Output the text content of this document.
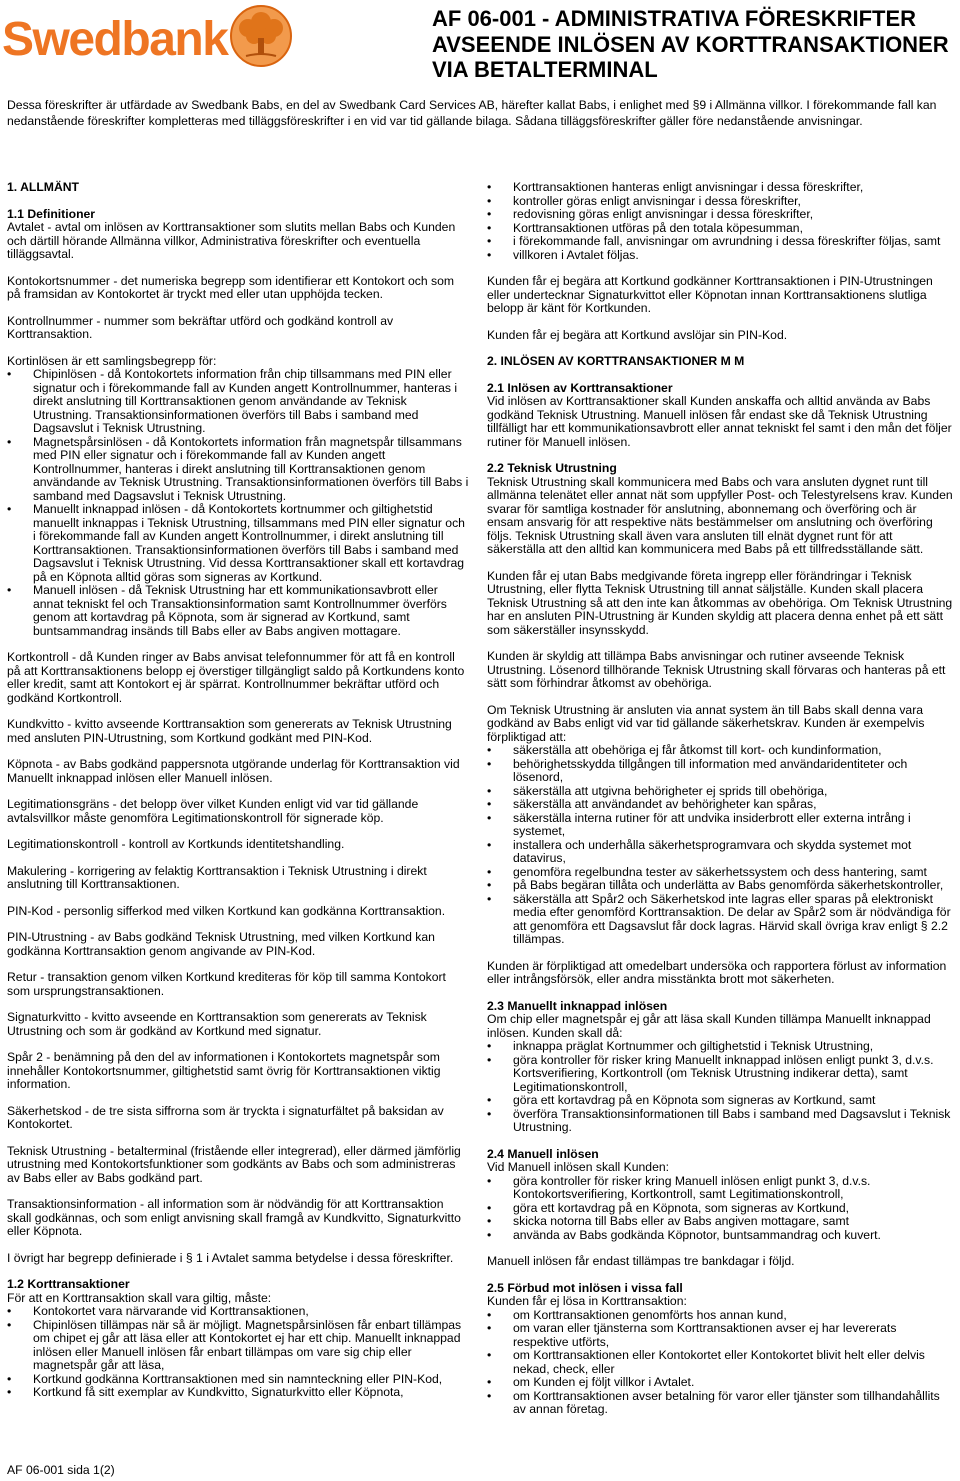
Swedbank	AF 06-001 - ADMINISTRATIVA FÖRESKRIFTER
AVSEENDE INLÖSEN AV KORTTRANSAKTIONER
VIA BETALTERMINAL

Dessa föreskrifter är utfärdade av Swedbank Babs, en del av Swedbank Card Services AB, härefter kallat Babs, i enlighet med §9 i Allmänna villkor. I förekommande fall kan nedanstående föreskrifter kompletteras med tilläggsföreskrifter i en vid var tid gällande bilaga. Sådana tilläggsföreskrifter gäller före nedanstående anvisningar.

1. ALLMÄNT
1.1 Definitioner

Avtalet - avtal om inlösen av Korttransaktioner som slutits mellan Babs och Kunden och därtill hörande Allmänna villkor, Administrativa föreskrifter och eventuella tilläggsavtal.

Kontokortsnummer - det numeriska begrepp som identifierar ett Kontokort och som på framsidan av Kontokortet är tryckt med eller utan upphöjda tecken.

Kontrollnummer - nummer som bekräftar utförd och godkänd kontroll av Korttransaktion.

Kortinlösen är ett samlingsbegrepp för:

• Chipinlösen - då Kontokortets information från chip tillsammans med PIN eller signatur och i förekommande fall av Kunden angett Kontrollnummer, hanteras i direkt anslutning till Korttransaktionen genom användande av Teknisk Utrustning. Transaktionsinformationen överförs till Babs i samband med Dagsavslut i Teknisk Utrustning.
• Magnetspårsinlösen - då Kontokortets information från magnetspår tillsammans med PIN eller signatur och i förekommande fall av Kunden angett Kontrollnummer, hanteras i direkt anslutning till Korttransaktionen genom användande av Teknisk Utrustning. Transaktionsinformationen överförs till Babs i samband med Dagsavslut i Teknisk Utrustning.
• Manuellt inknappad inlösen - då Kontokortets kortnummer och giltighetstid manuellt inknappas i Teknisk Utrustning, tillsammans med PIN eller signatur och i förekommande fall av Kunden angett Kontrollnummer, i direkt anslutning till Korttransaktionen. Transaktionsinformationen överförs till Babs i samband med Dagsavslut i Teknisk Utrustning. Vid dessa Korttransaktioner skall ett kortavdrag på en Köpnota alltid göras som signeras av Kortkund.
• Manuell inlösen - då Teknisk Utrustning har ett kommunikationsavbrott eller annat tekniskt fel och Transaktionsinformation samt Kontrollnummer överförs genom att kortavdrag på Köpnota, som är signerad av Kortkund, samt buntsammandrag insänds till Babs eller av Babs angiven mottagare.

Kortkontroll - då Kunden ringer av Babs anvisat telefonnummer för att få en kontroll på att Korttransaktionens belopp ej överstiger tillgängligt saldo på Kortkundens konto eller kredit, samt att Kontokort ej är spärrat. Kontrollnummer bekräftar utförd och godkänd Kortkontroll.

Kundkvitto - kvitto avseende Korttransaktion som genererats av Teknisk Utrustning med ansluten PIN-Utrustning, som Kortkund godkänt med PIN-Kod.

Köpnota - av Babs godkänd pappersnota utgörande underlag för Korttransaktion vid Manuellt inknappad inlösen eller Manuell inlösen.

Legitimationsgräns - det belopp över vilket Kunden enligt vid var tid gällande avtalsvillkor måste genomföra Legitimationskontroll för signerade köp.

Legitimationskontroll - kontroll av Kortkunds identitetshandling.

Makulering - korrigering av felaktig Korttransaktion i Teknisk Utrustning i direkt anslutning till Korttransaktionen.

PIN-Kod - personlig sifferkod med vilken Kortkund kan godkänna Korttransaktion.

PIN-Utrustning - av Babs godkänd Teknisk Utrustning, med vilken Kortkund kan godkänna Korttransaktion genom angivande av PIN-Kod.

Retur - transaktion genom vilken Kortkund krediteras för köp till samma Kontokort som ursprungstransaktionen.

Signaturkvitto - kvitto avseende en Korttransaktion som genererats av Teknisk Utrustning och som är godkänd av Kortkund med signatur.

Spår 2 - benämning på den del av informationen i Kontokortets magnetspår som innehåller Kontokortsnummer, giltighetstid samt övrig för Korttransaktionen viktig information.

Säkerhetskod - de tre sista siffrorna som är tryckta i signaturfältet på baksidan av Kontokortet.

Teknisk Utrustning - betalterminal (fristående eller integrerad), eller därmed jämförlig utrustning med Kontokortsfunktioner som godkänts av Babs och som administreras av Babs eller av Babs godkänd part.

Transaktionsinformation - all information som är nödvändig för att Korttransaktion skall godkännas, och som enligt anvisning skall framgå av Kundkvitto, Signaturkvitto eller Köpnota.

I övrigt har begrepp definierade i § 1 i Avtalet samma betydelse i dessa föreskrifter.

1.2 Korttransaktioner

För att en Korttransaktion skall vara giltig, måste:

• Kontokortet vara närvarande vid Korttransaktionen,
• Chipinlösen tillämpas när så är möjligt. Magnetspårsinlösen får enbart tillämpas om chipet ej går att läsa eller att Kontokortet ej har ett chip. Manuellt inknappad inlösen eller Manuell inlösen får enbart tillämpas om vare sig chip eller magnetspår går att läsa,
• Kortkund godkänna Korttransaktionen med sin namnteckning eller PIN-Kod,
• Kortkund få sitt exemplar av Kundkvitto, Signaturkvitto eller Köpnota,
• Korttransaktionen hanteras enligt anvisningar i dessa föreskrifter,
• kontroller göras enligt anvisningar i dessa föreskrifter,
• redovisning göras enligt anvisningar i dessa föreskrifter,
• Korttransaktionen utföras på den totala köpesumman,
• i förekommande fall, anvisningar om avrundning i dessa föreskrifter följas, samt
• villkoren i Avtalet följas.

Kunden får ej begära att Kortkund godkänner Korttransaktionen i PIN-Utrustningen eller undertecknar Signaturkvittot eller Köpnotan innan Korttransaktionens slutliga belopp är känt för Kortkunden.

Kunden får ej begära att Kortkund avslöjar sin PIN-Kod.

2. INLÖSEN AV KORTTRANSAKTIONER M M
2.1 Inlösen av Korttransaktioner

Vid inlösen av Korttransaktioner skall Kunden anskaffa och alltid använda av Babs godkänd Teknisk Utrustning. Manuell inlösen får endast ske då Teknisk Utrustning tillfälligt har ett kommunikationsavbrott eller annat tekniskt fel samt i den mån det följer rutiner för Manuell inlösen.

2.2 Teknisk Utrustning

Teknisk Utrustning skall kommunicera med Babs och vara ansluten dygnet runt till allmänna telenätet eller annat nät som uppfyller Post- och Telestyrelsens krav. Kunden svarar för samtliga kostnader för anslutning, abonnemang och överföring och är ensam ansvarig för att respektive näts bestämmelser om anslutning och överföring följs. Teknisk Utrustning skall även vara ansluten till elnät dygnet runt för att säkerställa att den alltid kan kommunicera med Babs på ett tillfredsställande sätt.

Kunden får ej utan Babs medgivande företa ingrepp eller förändringar i Teknisk Utrustning, eller flytta Teknisk Utrustning till annat säljställe. Kunden skall placera Teknisk Utrustning så att den inte kan åtkommas av obehöriga. Om Teknisk Utrustning har en ansluten PIN-Utrustning är Kunden skyldig att placera denna enhet på ett sätt som säkerställer insynsskydd.

Kunden är skyldig att tillämpa Babs anvisningar och rutiner avseende Teknisk Utrustning. Lösenord tillhörande Teknisk Utrustning skall förvaras och hanteras på ett sätt som förhindrar åtkomst av obehöriga.

Om Teknisk Utrustning är ansluten via annat system än till Babs skall denna vara godkänd av Babs enligt vid var tid gällande säkerhetskrav. Kunden är exempelvis förpliktigad att:

• säkerställa att obehöriga ej får åtkomst till kort- och kundinformation,
• behörighetsskydda tillgången till information med användaridentiteter och lösenord,
• säkerställa att utgivna behörigheter ej sprids till obehöriga,
• säkerställa att användandet av behörigheter kan spåras,
• säkerställa interna rutiner för att undvika insiderbrott eller externa intrång i systemet,
• installera och underhålla säkerhetsprogramvara och skydda systemet mot datavirus,
• genomföra regelbundna tester av säkerhetssystem och dess hantering, samt
• på Babs begäran tillåta och underlätta av Babs genomförda säkerhetskontroller,
• säkerställa att Spår2 och Säkerhetskod inte lagras eller sparas på elektroniskt media efter genomförd Korttransaktion. De delar av Spår2 som är nödvändiga för att genomföra ett Dagsavslut får dock lagras. Härvid skall övriga krav enligt § 2.2 tillämpas.

Kunden är förpliktigad att omedelbart undersöka och rapportera förlust av information eller intrångsförsök, eller andra misstänkta brott mot säkerheten.

2.3 Manuellt inknappad inlösen

Om chip eller magnetspår ej går att läsa skall Kunden tillämpa Manuellt inknappad inlösen. Kunden skall då:

• inknappa präglat Kortnummer och giltighetstid i Teknisk Utrustning,
• göra kontroller för risker kring Manuellt inknappad inlösen enligt punkt 3, d.v.s. Kortsverifiering, Kortkontroll (om Teknisk Utrustning indikerar detta), samt Legitimationskontroll,
• göra ett kortavdrag på en Köpnota som signeras av Kortkund, samt
• överföra Transaktionsinformationen till Babs i samband med Dagsavslut i Teknisk Utrustning.
2.4 Manuell inlösen

Vid Manuell inlösen skall Kunden:

• göra kontroller för risker kring Manuell inlösen enligt punkt 3, d.v.s. Kontokortsverifiering, Kortkontroll, samt Legitimationskontroll,
• göra ett kortavdrag på en Köpnota, som signeras av Kortkund,
• skicka notorna till Babs eller av Babs angiven mottagare, samt
• använda av Babs godkända Köpnotor, buntsammandrag och kuvert.

Manuell inlösen får endast tillämpas tre bankdagar i följd.

2.5 Förbud mot inlösen i vissa fall

Kunden får ej lösa in Korttransaktion:

• om Korttransaktionen genomförts hos annan kund,
• om varan eller tjänsterna som Korttransaktionen avser ej har levererats respektive utförts,
• om Korttransaktionen eller Kontokortet eller Kontokortet blivit helt eller delvis nekad, check, eller
• om Kunden ej följt villkor i Avtalet.
• om Korttransaktionen avser betalning för varor eller tjänster som tillhandahållits av annan företag.
AF 06-001 sida 1(2)
